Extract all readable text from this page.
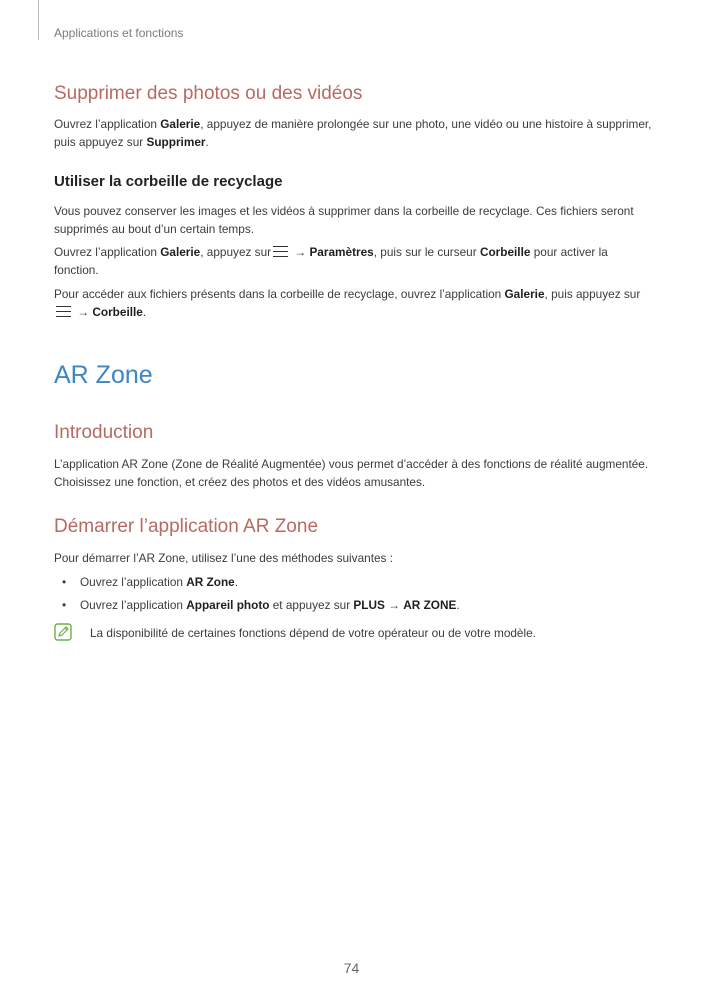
Applications et fonctions

Supprimer des photos ou des vidéos

Ouvrez l’application Galerie, appuyez de manière prolongée sur une photo, une vidéo ou une histoire à supprimer, puis appuyez sur Supprimer.

Utiliser la corbeille de recyclage

Vous pouvez conserver les images et les vidéos à supprimer dans la corbeille de recyclage. Ces fichiers seront supprimés au bout d’un certain temps.

Ouvrez l’application Galerie, appuyez sur
→ Paramètres, puis sur le curseur Corbeille pour activer la fonction.

Pour accéder aux fichiers présents dans la corbeille de recyclage, ouvrez l’application Galerie, puis appuyez sur
→ Corbeille.

AR Zone
Introduction

L’application AR Zone (Zone de Réalité Augmentée) vous permet d’accéder à des fonctions de réalité augmentée. Choisissez une fonction, et créez des photos et des vidéos amusantes.

Démarrer l’application AR Zone

Pour démarrer l’AR Zone, utilisez l’une des méthodes suivantes :

• Ouvrez l’application AR Zone.
• Ouvrez l’application Appareil photo et appuyez sur PLUS → AR ZONE.

La disponibilité de certaines fonctions dépend de votre opérateur ou de votre modèle.

74
